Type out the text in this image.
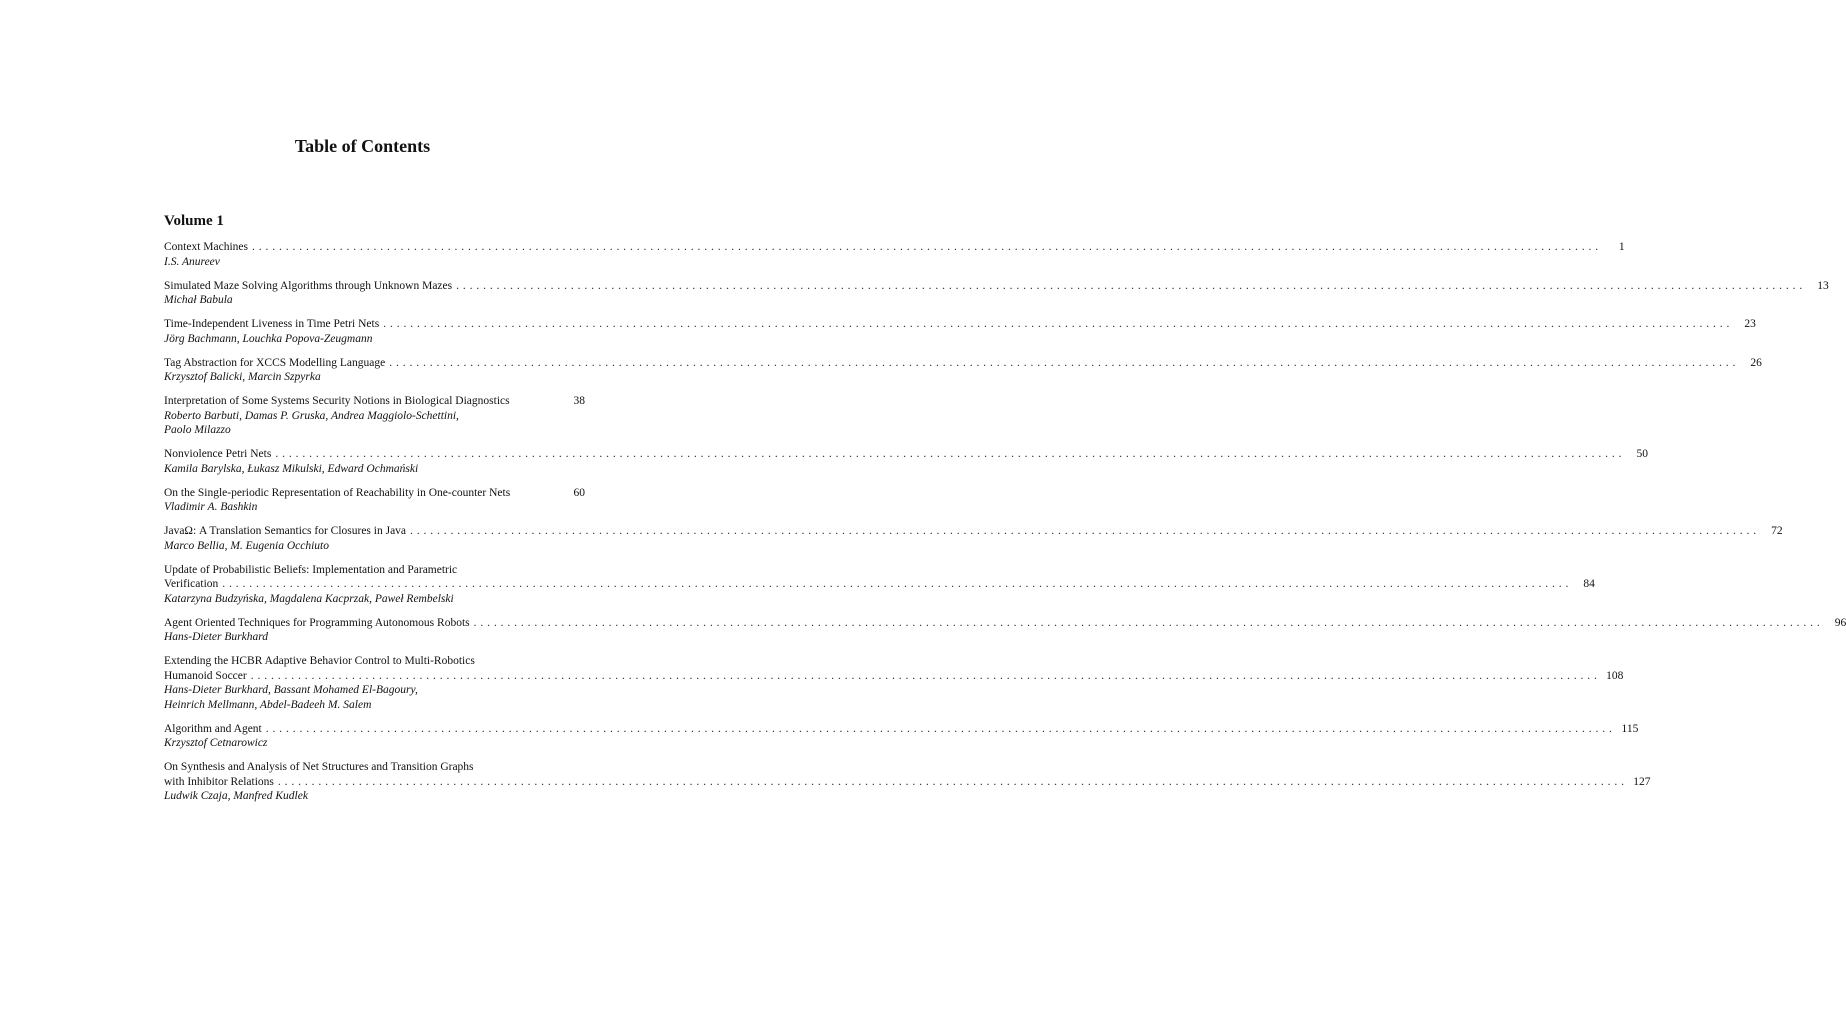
Table of Contents
Volume 1
Context Machines . . . . . . . . . . . . . . . . . . . . . . . . . . . . . . . . . . . . . . . . . . . . . . . . . . . . . . . . . . . . . . . . . . . . . . . . . . . . . . . . . . . . . . . . . . . . . . . . . . . . . . . . . . . . . . . . . . . . . . . . . . . . . . . . . . . . . . . . . . . . . . . . . . . . . . . . . . . . . . . . . . . . . . . . . . . . . . . . . . . . . . . . . . . . . . . . . . . . . . . .	1
I.S. Anureev
Simulated Maze Solving Algorithms through Unknown Mazes . . . . . . . . . . . . . . . . . . . . . . . . . . . . . . . . . . . . . . . . . . . . . . . . . . . . . . . . . . . . . . . . . . . . . . . . . . . . . . . . . . . . . . . . . . . . . . . . . . . . . . . . . . . . . . . . . . . . . . . . . . . . . . . . . . . . . . . . . . . . . . . . . . . . . . . . . . . . . . . . . . . . . . . . . . . . . . . . . . . . . . . . . . . . . . . . . . . . . . . .	13
Michał Babula
Time-Independent Liveness in Time Petri Nets . . . . . . . . . . . . . . . . . . . . . . . . . . . . . . . . . . . . . . . . . . . . . . . . . . . . . . . . . . . . . . . . . . . . . . . . . . . . . . . . . . . . . . . . . . . . . . . . . . . . . . . . . . . . . . . . . . . . . . . . . . . . . . . . . . . . . . . . . . . . . . . . . . . . . . . . . . . . . . . . . . . . . . . . . . . . . . . . . . . . . . . . . . . . . . . . . . . . . . . .	23
Jörg Bachmann, Louchka Popova-Zeugmann
Tag Abstraction for XCCS Modelling Language . . . . . . . . . . . . . . . . . . . . . . . . . . . . . . . . . . . . . . . . . . . . . . . . . . . . . . . . . . . . . . . . . . . . . . . . . . . . . . . . . . . . . . . . . . . . . . . . . . . . . . . . . . . . . . . . . . . . . . . . . . . . . . . . . . . . . . . . . . . . . . . . . . . . . . . . . . . . . . . . . . . . . . . . . . . . . . . . . . . . . . . . . . . . . . . . . . . . . . . .	26
Krzysztof Balicki, Marcin Szpyrka
Interpretation of Some Systems Security Notions in Biological Diagnostics	38
Roberto Barbuti, Damas P. Gruska, Andrea Maggiolo-Schettini,
Paolo Milazzo
Nonviolence Petri Nets . . . . . . . . . . . . . . . . . . . . . . . . . . . . . . . . . . . . . . . . . . . . . . . . . . . . . . . . . . . . . . . . . . . . . . . . . . . . . . . . . . . . . . . . . . . . . . . . . . . . . . . . . . . . . . . . . . . . . . . . . . . . . . . . . . . . . . . . . . . . . . . . . . . . . . . . . . . . . . . . . . . . . . . . . . . . . . . . . . . . . . . . . . . . . . . . . . . . . . . .	50
Kamila Barylska, Łukasz Mikulski, Edward Ochmański
On the Single-periodic Representation of Reachability in One-counter Nets	60
Vladimir A. Bashkin
JavaΩ: A Translation Semantics for Closures in Java . . . . . . . . . . . . . . . . . . . . . . . . . . . . . . . . . . . . . . . . . . . . . . . . . . . . . . . . . . . . . . . . . . . . . . . . . . . . . . . . . . . . . . . . . . . . . . . . . . . . . . . . . . . . . . . . . . . . . . . . . . . . . . . . . . . . . . . . . . . . . . . . . . . . . . . . . . . . . . . . . . . . . . . . . . . . . . . . . . . . . . . . . . . . . . . . . . . . . . . .	72
Marco Bellia, M. Eugenia Occhiuto
Update of Probabilistic Beliefs: Implementation and Parametric
Verification . . . . . . . . . . . . . . . . . . . . . . . . . . . . . . . . . . . . . . . . . . . . . . . . . . . . . . . . . . . . . . . . . . . . . . . . . . . . . . . . . . . . . . . . . . . . . . . . . . . . . . . . . . . . . . . . . . . . . . . . . . . . . . . . . . . . . . . . . . . . . . . . . . . . . . . . . . . . . . . . . . . . . . . . . . . . . . . . . . . . . . . . . . . . . . . . . . . . . . . .	84
Katarzyna Budzyńska, Magdalena Kacprzak, Paweł Rembelski
Agent Oriented Techniques for Programming Autonomous Robots . . . . . . . . . . . . . . . . . . . . . . . . . . . . . . . . . . . . . . . . . . . . . . . . . . . . . . . . . . . . . . . . . . . . . . . . . . . . . . . . . . . . . . . . . . . . . . . . . . . . . . . . . . . . . . . . . . . . . . . . . . . . . . . . . . . . . . . . . . . . . . . . . . . . . . . . . . . . . . . . . . . . . . . . . . . . . . . . . . . . . . . . . . . . . . . . . . . . . . . .	96
Hans-Dieter Burkhard
Extending the HCBR Adaptive Behavior Control to Multi-Robotics
Humanoid Soccer . . . . . . . . . . . . . . . . . . . . . . . . . . . . . . . . . . . . . . . . . . . . . . . . . . . . . . . . . . . . . . . . . . . . . . . . . . . . . . . . . . . . . . . . . . . . . . . . . . . . . . . . . . . . . . . . . . . . . . . . . . . . . . . . . . . . . . . . . . . . . . . . . . . . . . . . . . . . . . . . . . . . . . . . . . . . . . . . . . . . . . . . . . . . . . . . . . . . . . . . 108
Hans-Dieter Burkhard, Bassant Mohamed El-Bagoury,
Heinrich Mellmann, Abdel-Badeeh M. Salem
Algorithm and Agent . . . . . . . . . . . . . . . . . . . . . . . . . . . . . . . . . . . . . . . . . . . . . . . . . . . . . . . . . . . . . . . . . . . . . . . . . . . . . . . . . . . . . . . . . . . . . . . . . . . . . . . . . . . . . . . . . . . . . . . . . . . . . . . . . . . . . . . . . . . . . . . . . . . . . . . . . . . . . . . . . . . . . . . . . . . . . . . . . . . . . . . . . . . . . . . . . . . . . . . . 115
Krzysztof Cetnarowicz
On Synthesis and Analysis of Net Structures and Transition Graphs
with Inhibitor Relations . . . . . . . . . . . . . . . . . . . . . . . . . . . . . . . . . . . . . . . . . . . . . . . . . . . . . . . . . . . . . . . . . . . . . . . . . . . . . . . . . . . . . . . . . . . . . . . . . . . . . . . . . . . . . . . . . . . . . . . . . . . . . . . . . . . . . . . . . . . . . . . . . . . . . . . . . . . . . . . . . . . . . . . . . . . . . . . . . . . . . . . . . . . . . . . . . . . . . . . . 127
Ludwik Czaja, Manfred Kudlek
